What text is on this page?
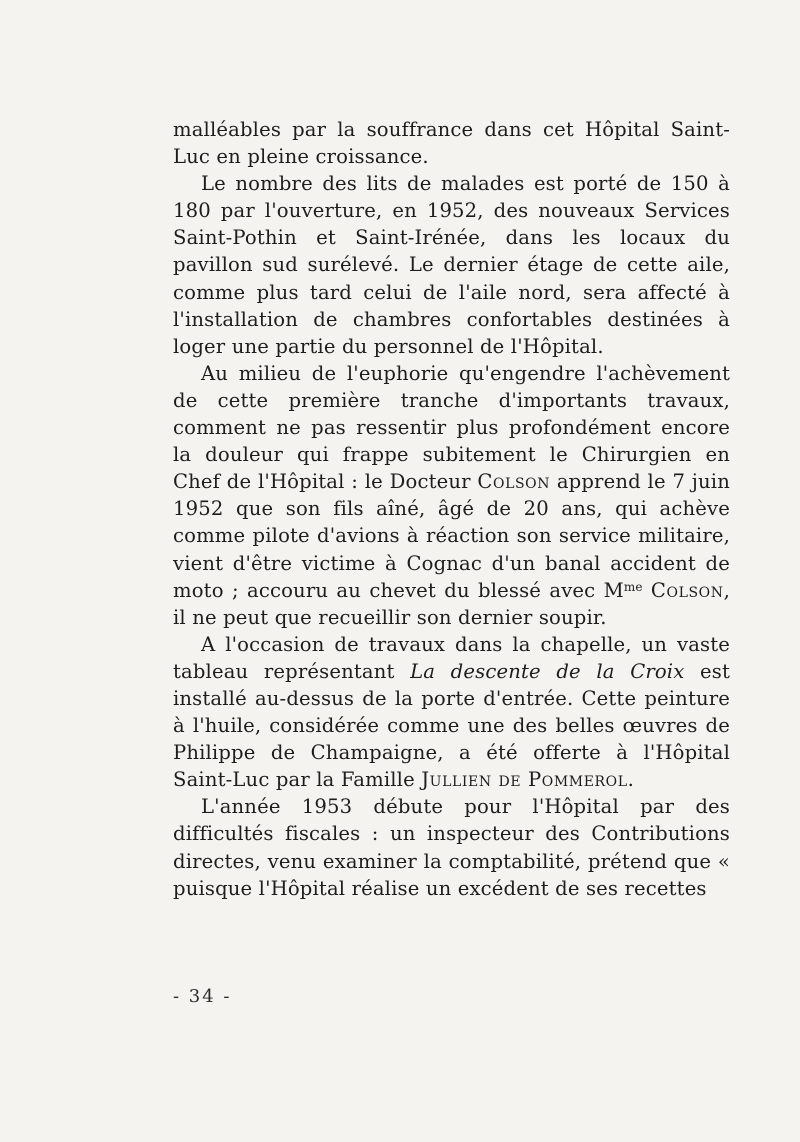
malléables par la souffrance dans cet Hôpital Saint-Luc en pleine croissance.

Le nombre des lits de malades est porté de 150 à 180 par l'ouverture, en 1952, des nouveaux Services Saint-Pothin et Saint-Irénée, dans les locaux du pavillon sud surélevé. Le dernier étage de cette aile, comme plus tard celui de l'aile nord, sera affecté à l'installation de chambres confortables destinées à loger une partie du personnel de l'Hôpital.

Au milieu de l'euphorie qu'engendre l'achèvement de cette première tranche d'importants travaux, comment ne pas ressentir plus profondément encore la douleur qui frappe subitement le Chirurgien en Chef de l'Hôpital : le Docteur Colson apprend le 7 juin 1952 que son fils aîné, âgé de 20 ans, qui achève comme pilote d'avions à réaction son service militaire, vient d'être victime à Cognac d'un banal accident de moto ; accouru au chevet du blessé avec $M^{me}$ Colson, il ne peut que recueillir son dernier soupir.

A l'occasion de travaux dans la chapelle, un vaste tableau représentant La descente de la Croix est installé au-dessus de la porte d'entrée. Cette peinture à l'huile, considérée comme une des belles œuvres de Philippe de Champaigne, a été offerte à l'Hôpital Saint-Luc par la Famille Jullien de Pommerol.

L'année 1953 débute pour l'Hôpital par des difficultés fiscales : un inspecteur des Contributions directes, venu examiner la comptabilité, prétend que « puisque l'Hôpital réalise un excédent de ses recettes

- 34 -
